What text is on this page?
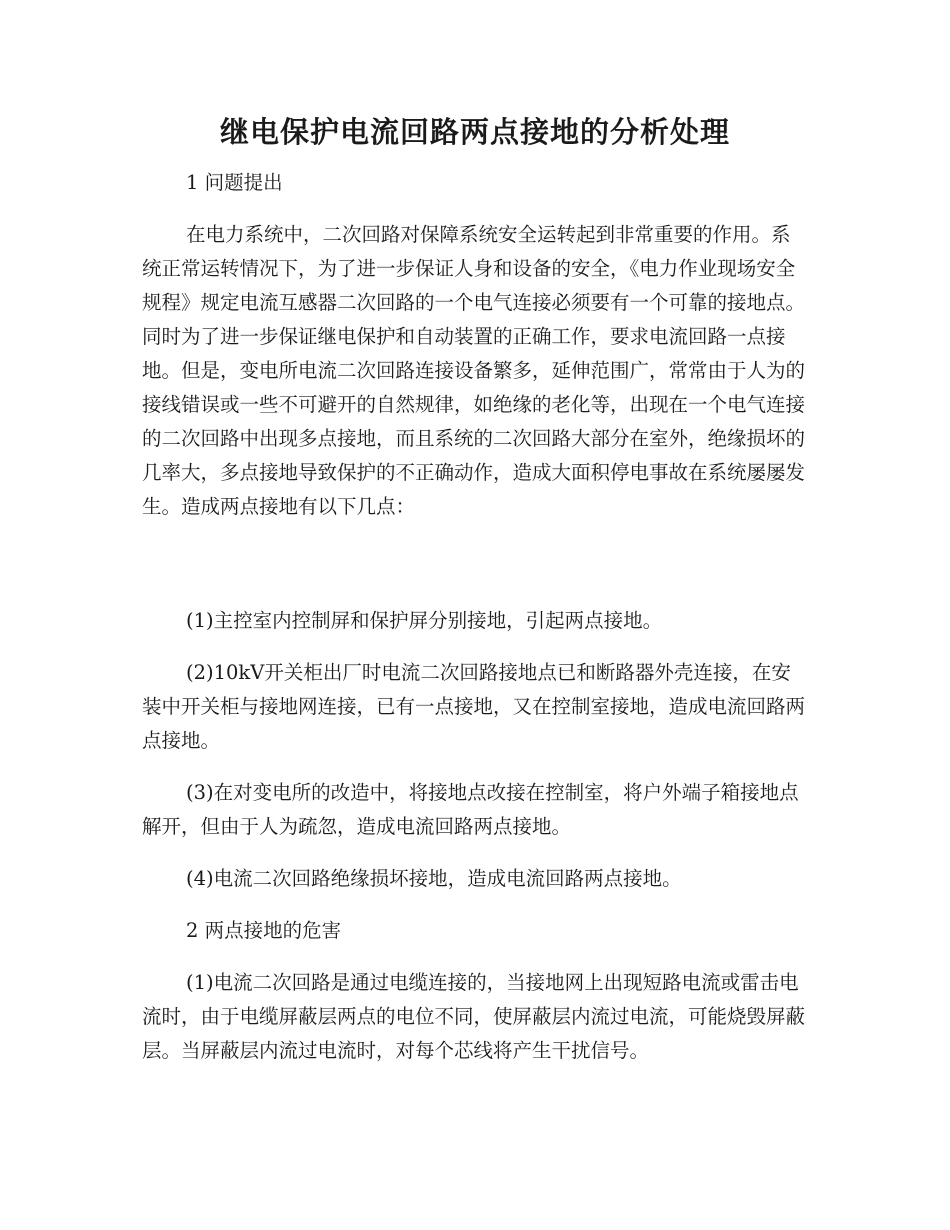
继电保护电流回路两点接地的分析处理

1 问题提出

在电力系统中，二次回路对保障系统安全运转起到非常重要的作用。系统正常运转情况下，为了进一步保证人身和设备的安全，《电力作业现场安全规程》规定电流互感器二次回路的一个电气连接必须要有一个可靠的接地点。同时为了进一步保证继电保护和自动装置的正确工作，要求电流回路一点接地。但是，变电所电流二次回路连接设备繁多，延伸范围广，常常由于人为的接线错误或一些不可避开的自然规律，如绝缘的老化等，出现在一个电气连接的二次回路中出现多点接地，而且系统的二次回路大部分在室外，绝缘损坏的几率大，多点接地导致保护的不正确动作，造成大面积停电事故在系统屡屡发生。造成两点接地有以下几点：

(1)主控室内控制屏和保护屏分别接地，引起两点接地。

(2)10kV开关柜出厂时电流二次回路接地点已和断路器外壳连接，在安装中开关柜与接地网连接，已有一点接地，又在控制室接地，造成电流回路两点接地。

(3)在对变电所的改造中，将接地点改接在控制室，将户外端子箱接地点解开，但由于人为疏忽，造成电流回路两点接地。

(4)电流二次回路绝缘损坏接地，造成电流回路两点接地。

2 两点接地的危害

(1)电流二次回路是通过电缆连接的，当接地网上出现短路电流或雷击电流时，由于电缆屏蔽层两点的电位不同，使屏蔽层内流过电流，可能烧毁屏蔽层。当屏蔽层内流过电流时，对每个芯线将产生干扰信号。
